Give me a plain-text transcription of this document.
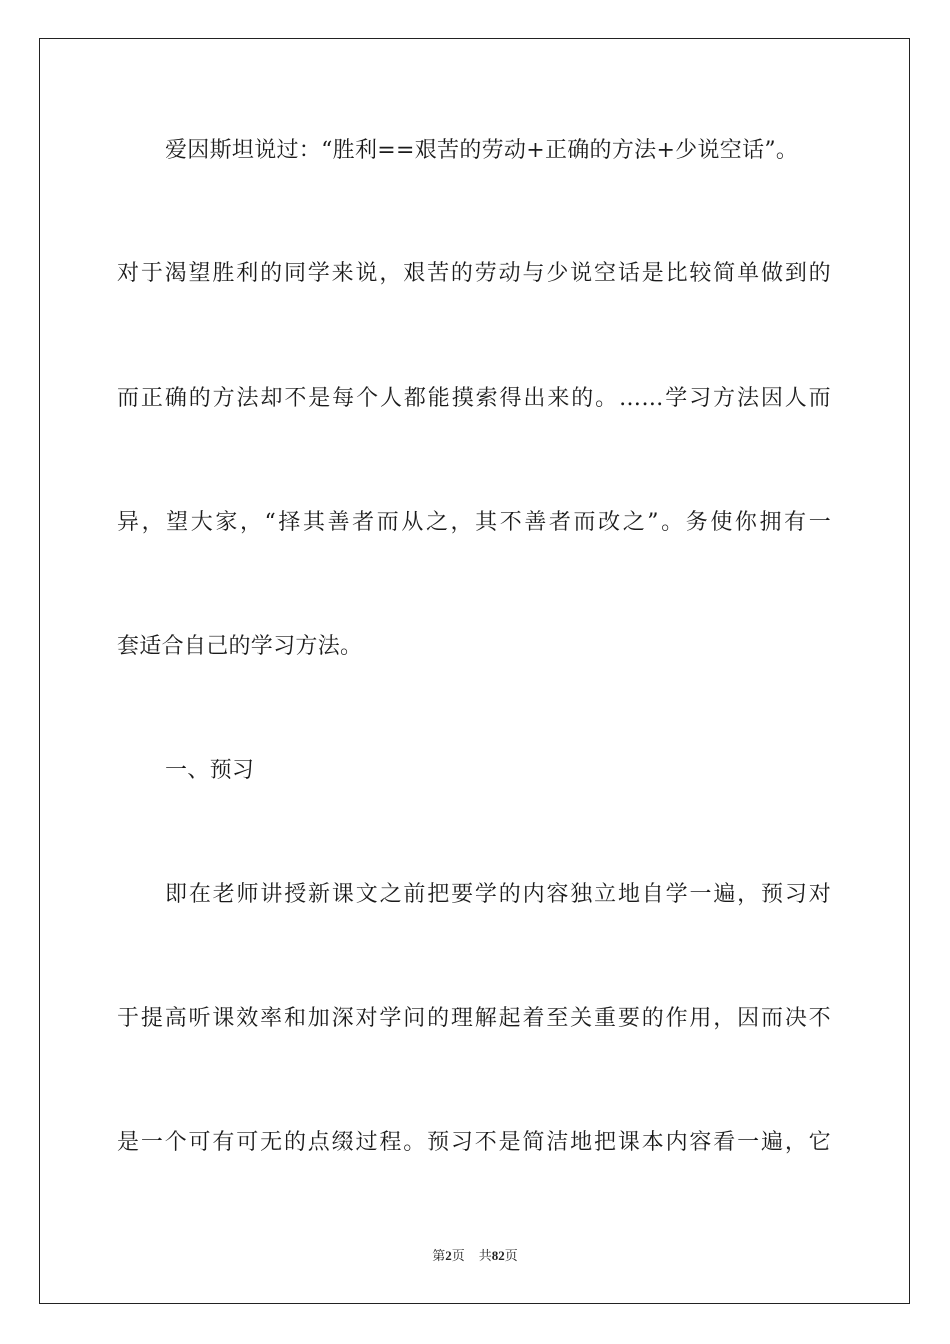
爱因斯坦说过：“胜利==艰苦的劳动+正确的方法+少说空话”。
对于渴望胜利的同学来说，艰苦的劳动与少说空话是比较简单做到的
而正确的方法却不是每个人都能摸索得出来的。……学习方法因人而
异，望大家，“择其善者而从之，其不善者而改之”。务使你拥有一
套适合自己的学习方法。
一、预习
即在老师讲授新课文之前把要学的内容独立地自学一遍，预习对
于提高听课效率和加深对学问的理解起着至关重要的作用，因而决不
是一个可有可无的点缀过程。预习不是简洁地把课本内容看一遍，它
第2页 共82页
